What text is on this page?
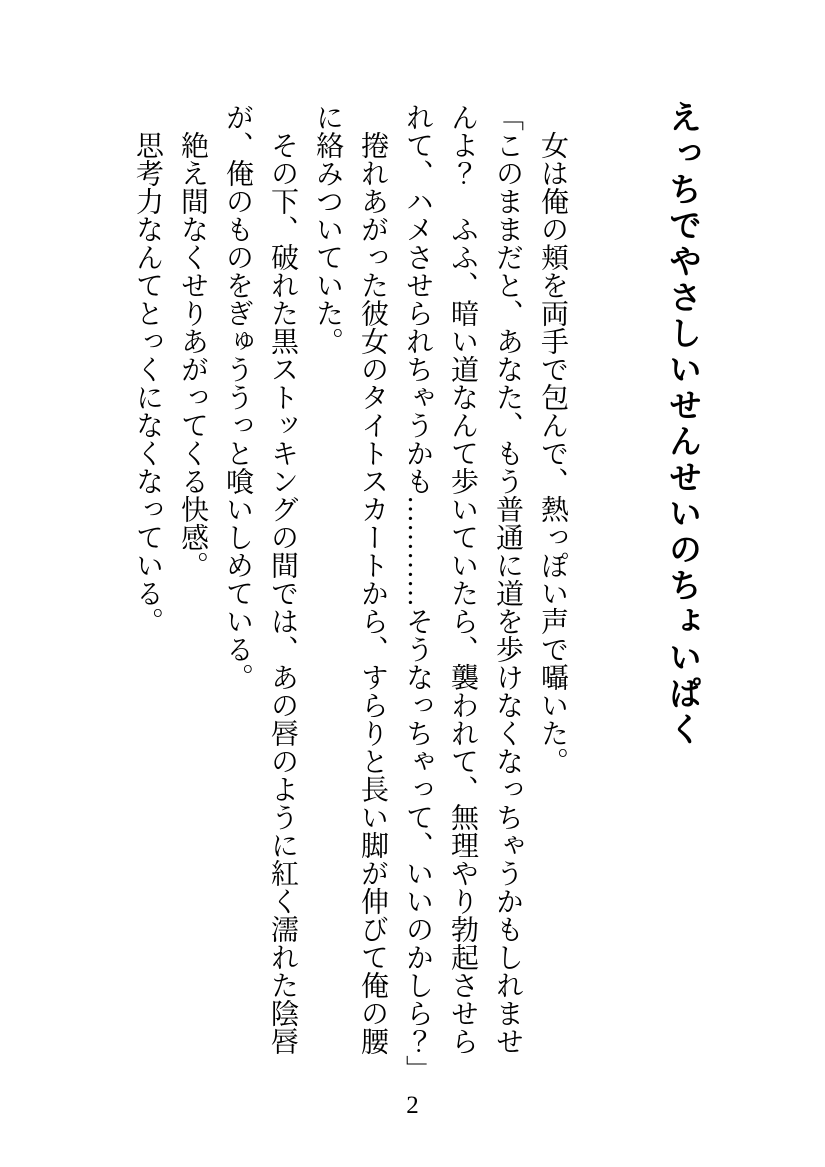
えっちでやさしいせんせいのちょいぱく
女は俺の頬を両手で包んで、熱っぽい声で囁いた。
「このままだと、あなた、もう普通に道を歩けなくなっちゃうかもしれませ
んよ？　ふふ、暗い道なんて歩いていたら、襲われて、無理やり勃起させら
れて、ハメさせられちゃうかも…………そうなっちゃって、いいのかしら？」
捲れあがった彼女のタイトスカートから、すらりと長い脚が伸びて俺の腰
に絡みついていた。
その下、破れた黒ストッキングの間では、あの唇のように紅く濡れた陰唇
が、俺のものをぎゅううっと喰いしめている。
絶え間なくせりあがってくる快感。
思考力なんてとっくになくなっている。
2
